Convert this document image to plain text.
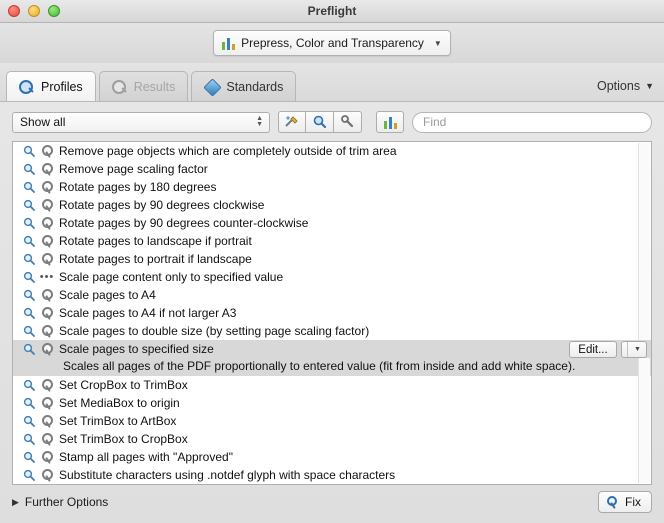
Preflight
Prepress, Color and Transparency ▼
Profiles	Results	Standards	Options ▼
Show all	▲
▼	Find
Remove page objects which are completely outside of trim area
Remove page scaling factor
Rotate pages by 180 degrees
Rotate pages by 90 degrees clockwise
Rotate pages by 90 degrees counter-clockwise
Rotate pages to landscape if portrait
Rotate pages to portrait if landscape
••• Scale page content only to specified value
Scale pages to A4
Scale pages to A4 if not larger A3
Scale pages to double size (by setting page scaling factor)
Scale pages to specified size	Edit...	▼
Scales all pages of the PDF proportionally to entered value (fit from inside and add white space).
Set CropBox to TrimBox
Set MediaBox to origin
Set TrimBox to ArtBox
Set TrimBox to CropBox
Stamp all pages with "Approved"
Substitute characters using .notdef glyph with space characters
▶ Further Options	Fix
